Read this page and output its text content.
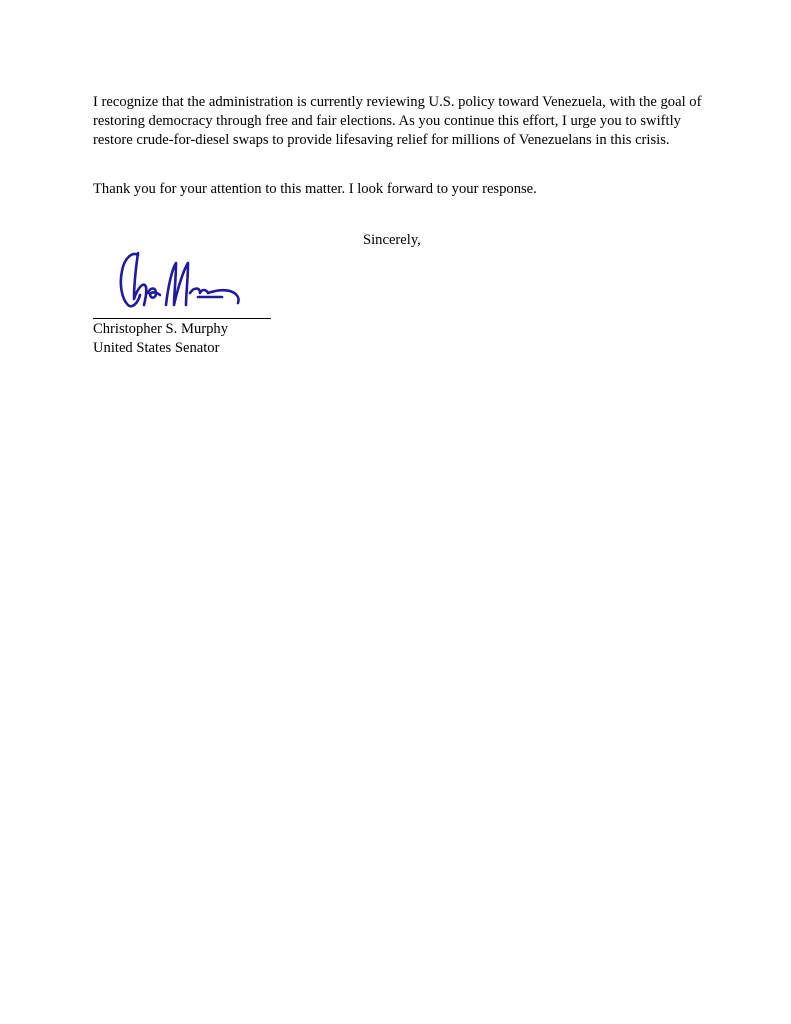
I recognize that the administration is currently reviewing U.S. policy toward Venezuela, with the goal of restoring democracy through free and fair elections. As you continue this effort, I urge you to swiftly restore crude-for-diesel swaps to provide lifesaving relief for millions of Venezuelans in this crisis.

Thank you for your attention to this matter. I look forward to your response.

Sincerely,
Christopher S. Murphy
United States Senator
